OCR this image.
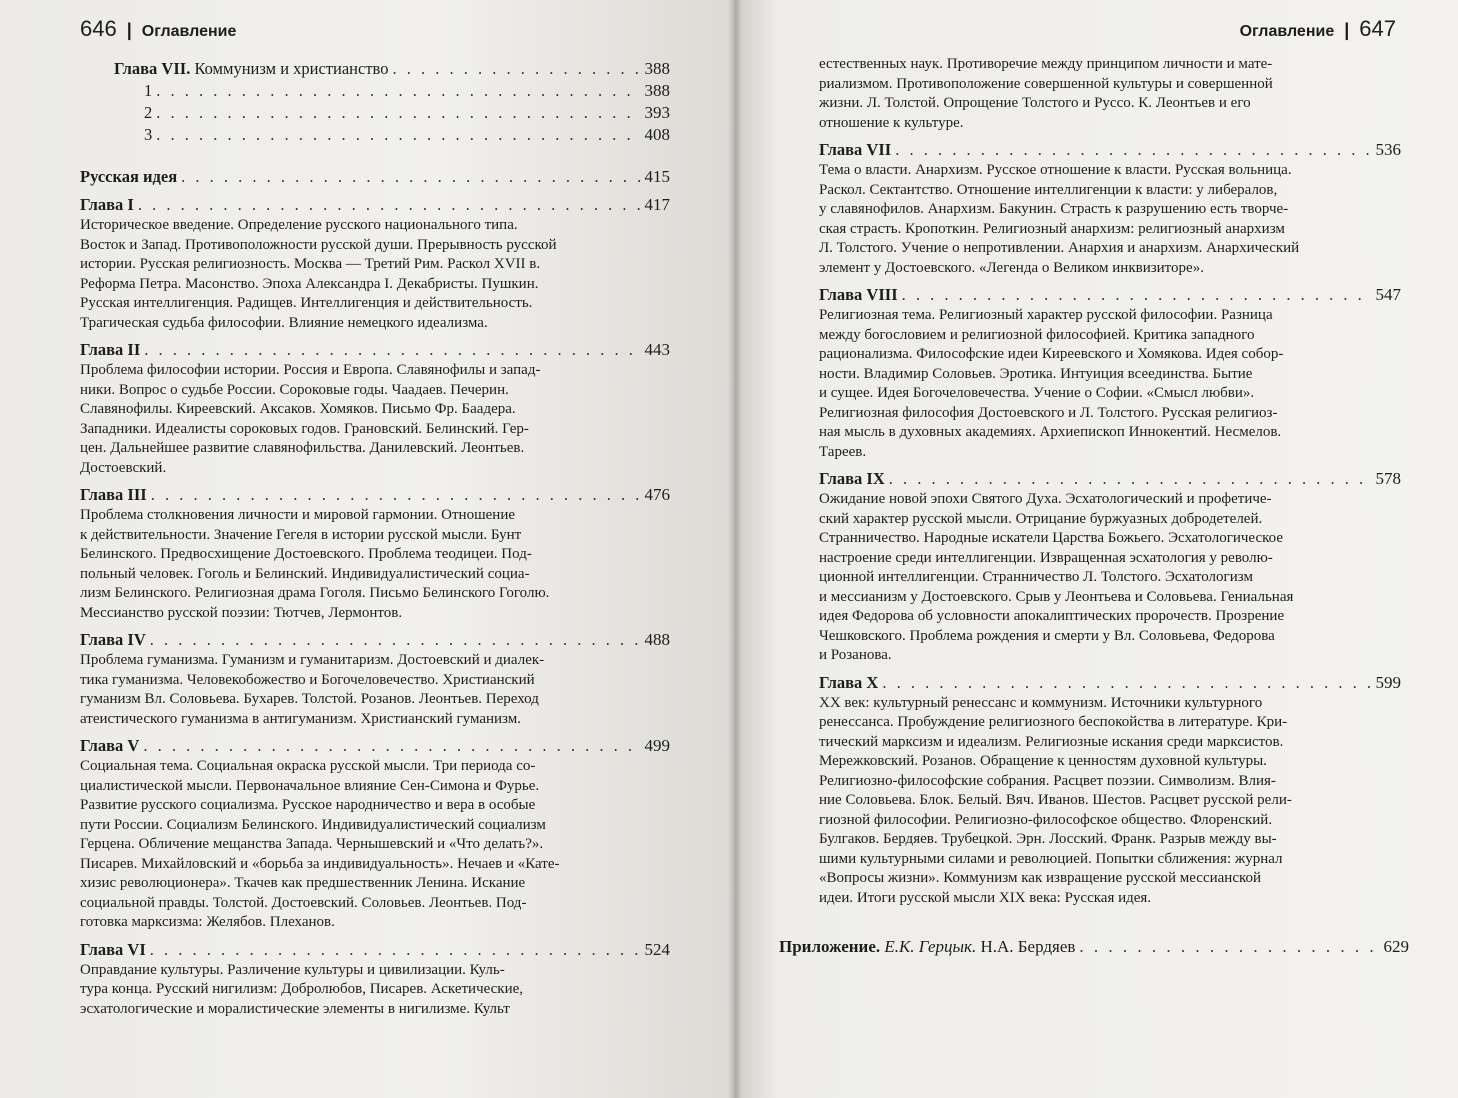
646 | Оглавление
Глава VII. Коммунизм и христианство . . .	388
1 . . .	388
2 . . .	393
3 . . .	408
Русская идея . . .	415
Глава I . . .	417
Историческое введение. Определение русского национального типа.
Восток и Запад. Противоположности русской души. Прерывность русской
истории. Русская религиозность. Москва — Третий Рим. Раскол XVII в.
Реформа Петра. Масонство. Эпоха Александра I. Декабристы. Пушкин.
Русская интеллигенция. Радищев. Интеллигенция и действительность.
Трагическая судьба философии. Влияние немецкого идеализма.
Глава II . . .	443
Проблема философии истории. Россия и Европа. Славянофилы и запад-
ники. Вопрос о судьбе России. Сороковые годы. Чаадаев. Печерин.
Славянофилы. Киреевский. Аксаков. Хомяков. Письмо Фр. Баадера.
Западники. Идеалисты сороковых годов. Грановский. Белинский. Гер-
цен. Дальнейшее развитие славянофильства. Данилевский. Леонтьев.
Достоевский.
Глава III . . .	476
Проблема столкновения личности и мировой гармонии. Отношение
к действительности. Значение Гегеля в истории русской мысли. Бунт
Белинского. Предвосхищение Достоевского. Проблема теодицеи. Под-
польный человек. Гоголь и Белинский. Индивидуалистический социа-
лизм Белинского. Религиозная драма Гоголя. Письмо Белинского Гоголю.
Мессианство русской поэзии: Тютчев, Лермонтов.
Глава IV . . .	488
Проблема гуманизма. Гуманизм и гуманитаризм. Достоевский и диалек-
тика гуманизма. Человекобожество и Богочеловечество. Христианский
гуманизм Вл. Соловьева. Бухарев. Толстой. Розанов. Леонтьев. Переход
атеистического гуманизма в антигуманизм. Христианский гуманизм.
Глава V . . .	499
Социальная тема. Социальная окраска русской мысли. Три периода со-
циалистической мысли. Первоначальное влияние Сен-Симона и Фурье.
Развитие русского социализма. Русское народничество и вера в особые
пути России. Социализм Белинского. Индивидуалистический социализм
Герцена. Обличение мещанства Запада. Чернышевский и «Что делать?».
Писарев. Михайловский и «борьба за индивидуальность». Нечаев и «Кате-
хизис революционера». Ткачев как предшественник Ленина. Искание
социальной правды. Толстой. Достоевский. Соловьев. Леонтьев. Под-
готовка марксизма: Желябов. Плеханов.
Глава VI . . .	524
Оправдание культуры. Различение культуры и цивилизации. Куль-
тура конца. Русский нигилизм: Добролюбов, Писарев. Аскетические,
эсхатологические и моралистические элементы в нигилизме. Культ
Оглавление | 647
естественных наук. Противоречие между принципом личности и мате-
риализмом. Противоположение совершенной культуры и совершенной
жизни. Л. Толстой. Опрощение Толстого и Руссо. К. Леонтьев и его
отношение к культуре.
Глава VII . . .	536
Тема о власти. Анархизм. Русское отношение к власти. Русская вольница.
Раскол. Сектантство. Отношение интеллигенции к власти: у либералов,
у славянофилов. Анархизм. Бакунин. Страсть к разрушению есть творче-
ская страсть. Кропоткин. Религиозный анархизм: религиозный анархизм
Л. Толстого. Учение о непротивлении. Анархия и анархизм. Анархический
элемент у Достоевского. «Легенда о Великом инквизиторе».
Глава VIII . . .	547
Религиозная тема. Религиозный характер русской философии. Разница
между богословием и религиозной философией. Критика западного
рационализма. Философские идеи Киреевского и Хомякова. Идея собор-
ности. Владимир Соловьев. Эротика. Интуиция всеединства. Бытие
и сущее. Идея Богочеловечества. Учение о Софии. «Смысл любви».
Религиозная философия Достоевского и Л. Толстого. Русская религиоз-
ная мысль в духовных академиях. Архиепископ Иннокентий. Несмелов.
Тареев.
Глава IX . . .	578
Ожидание новой эпохи Святого Духа. Эсхатологический и профетиче-
ский характер русской мысли. Отрицание буржуазных добродетелей.
Странничество. Народные искатели Царства Божьего. Эсхатологическое
настроение среди интеллигенции. Извращенная эсхатология у револю-
ционной интеллигенции. Странничество Л. Толстого. Эсхатологизм
и мессианизм у Достоевского. Срыв у Леонтьева и Соловьева. Гениальная
идея Федорова об условности апокалиптических пророчеств. Прозрение
Чешковского. Проблема рождения и смерти у Вл. Соловьева, Федорова
и Розанова.
Глава X . . .	599
XX век: культурный ренессанс и коммунизм. Источники культурного
ренессанса. Пробуждение религиозного беспокойства в литературе. Кри-
тический марксизм и идеализм. Религиозные искания среди марксистов.
Мережковский. Розанов. Обращение к ценностям духовной культуры.
Религиозно-философские собрания. Расцвет поэзии. Символизм. Влия-
ние Соловьева. Блок. Белый. Вяч. Иванов. Шестов. Расцвет русской рели-
гиозной философии. Религиозно-философское общество. Флоренский.
Булгаков. Бердяев. Трубецкой. Эрн. Лосский. Франк. Разрыв между вы-
шими культурными силами и революцией. Попытки сближения: журнал
«Вопросы жизни». Коммунизм как извращение русской мессианской
идеи. Итоги русской мысли XIX века: Русская идея.
Приложение. Е.К. Герцык. Н.А. Бердяев . . .	629
